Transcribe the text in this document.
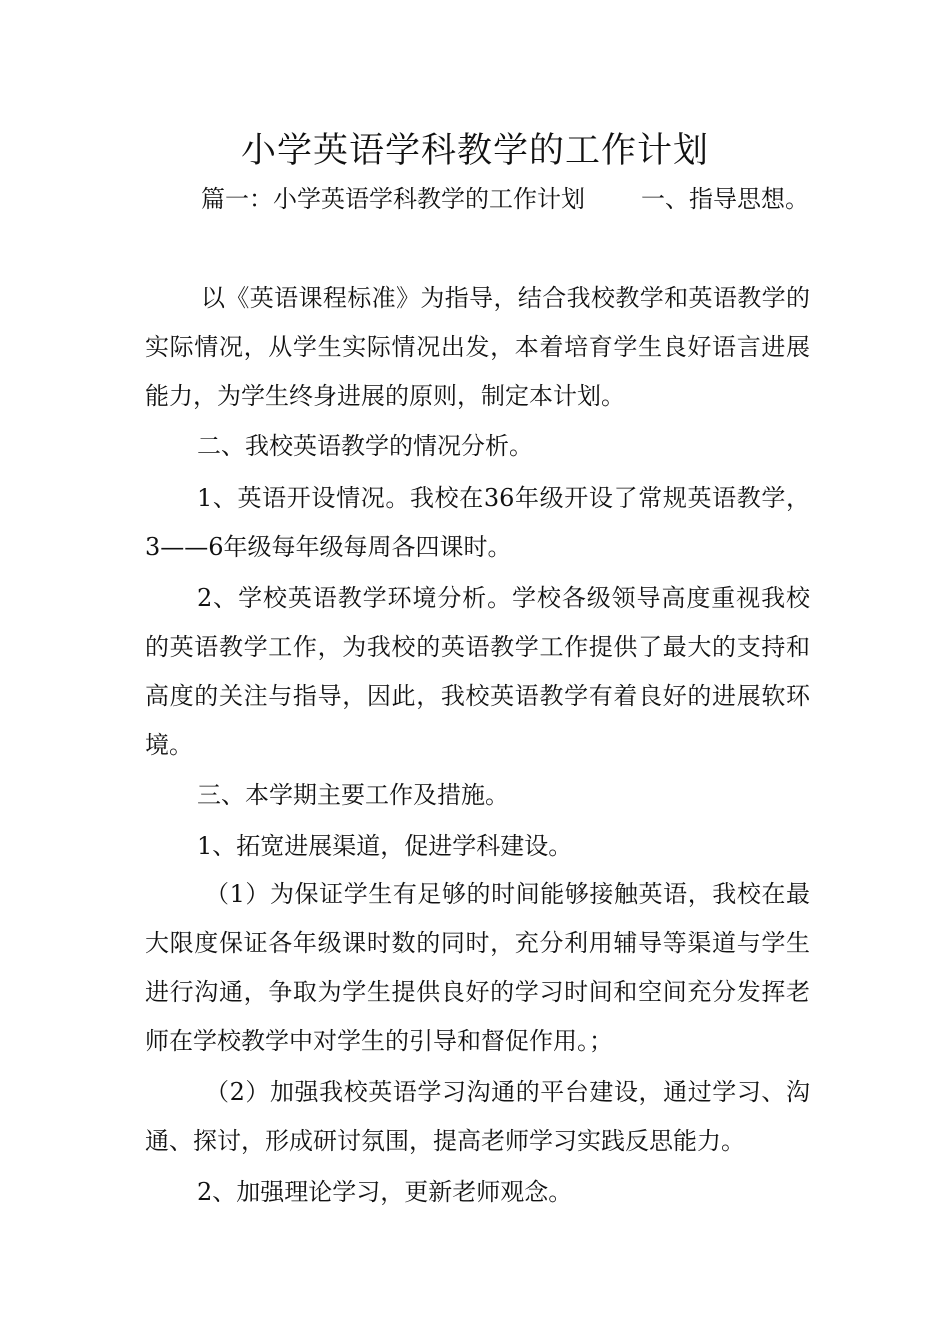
小学英语学科教学的工作计划

篇一：小学英语学科教学的工作计划 一、指导思想。

以《英语课程标准》为指导，结合我校教学和英语教学的实际情况，从学生实际情况出发，本着培育学生良好语言进展能力，为学生终身进展的原则，制定本计划。

二、我校英语教学的情况分析。

1、英语开设情况。我校在36年级开设了常规英语教学，3——6年级每年级每周各四课时。

2、学校英语教学环境分析。学校各级领导高度重视我校的英语教学工作，为我校的英语教学工作提供了最大的支持和高度的关注与指导，因此，我校英语教学有着良好的进展软环境。

三、本学期主要工作及措施。

1、拓宽进展渠道，促进学科建设。

（1）为保证学生有足够的时间能够接触英语，我校在最大限度保证各年级课时数的同时，充分利用辅导等渠道与学生进行沟通，争取为学生提供良好的学习时间和空间充分发挥老师在学校教学中对学生的引导和督促作用。；

（2）加强我校英语学习沟通的平台建设，通过学习、沟通、探讨，形成研讨氛围，提高老师学习实践反思能力。

2、加强理论学习，更新老师观念。
